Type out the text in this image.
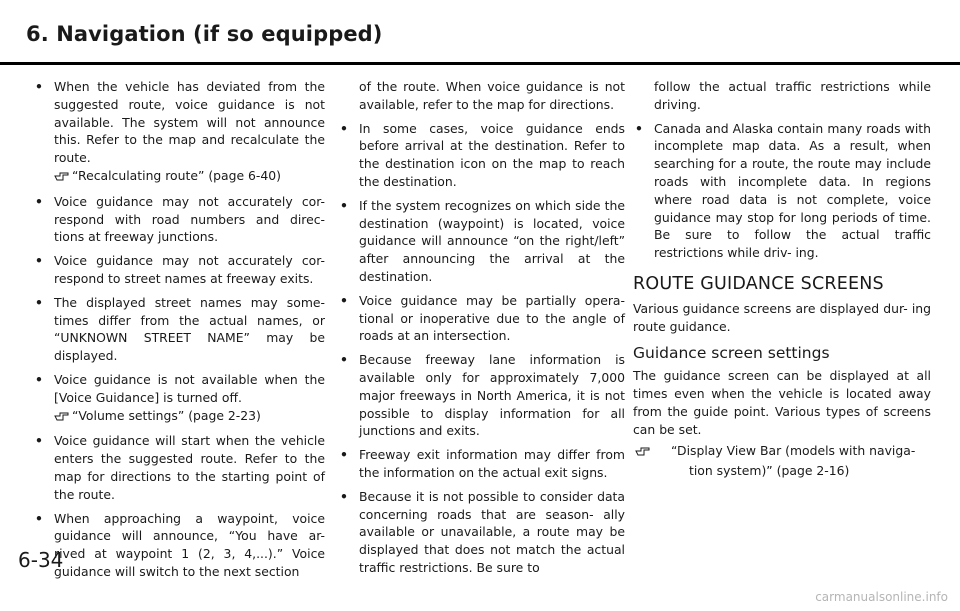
6. Navigation (if so equipped)
• When the vehicle has deviated from the suggested route, voice guidance is not available. The system will not announce this. Refer to the map and recalculate the route.
“Recalculating route” (page 6-40)
• Voice guidance may not accurately cor- respond with road numbers and direc- tions at freeway junctions.
• Voice guidance may not accurately cor- respond to street names at freeway exits.
• The displayed street names may some- times differ from the actual names, or “UNKNOWN STREET NAME” may be displayed.
• Voice guidance is not available when the [Voice Guidance] is turned off.
“Volume settings” (page 2-23)
• Voice guidance will start when the vehicle enters the suggested route. Refer to the map for directions to the starting point of the route.
• When approaching a waypoint, voice guidance will announce, “You have ar- rived at waypoint 1 (2, 3, 4,...).” Voice guidance will switch to the next section
of the route. When voice guidance is not available, refer to the map for directions.
• In some cases, voice guidance ends before arrival at the destination. Refer to the destination icon on the map to reach the destination.
• If the system recognizes on which side the destination (waypoint) is located, voice guidance will announce “on the right/left” after announcing the arrival at the destination.
• Voice guidance may be partially opera- tional or inoperative due to the angle of roads at an intersection.
• Because freeway lane information is available only for approximately 7,000 major freeways in North America, it is not possible to display information for all junctions and exits.
• Freeway exit information may differ from the information on the actual exit signs.
• Because it is not possible to consider data concerning roads that are season- ally available or unavailable, a route may be displayed that does not match the actual traffic restrictions. Be sure to
follow the actual traffic restrictions while driving.
• Canada and Alaska contain many roads with incomplete map data. As a result, when searching for a route, the route may include roads with incomplete data. In regions where road data is not complete, voice guidance may stop for long periods of time. Be sure to follow the actual traffic restrictions while driv- ing.
ROUTE GUIDANCE SCREENS
Various guidance screens are displayed dur- ing route guidance.
Guidance screen settings
The guidance screen can be displayed at all times even when the vehicle is located away from the guide point. Various types of screens can be set.
“Display View Bar (models with naviga- tion system)” (page 2-16)
6-34
carmanualsonline.info
